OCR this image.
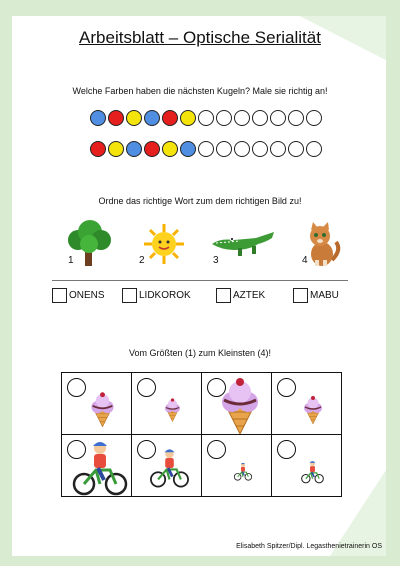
Arbeitsblatt – Optische Serialität
Welche Farben haben die nächsten Kugeln? Male sie richtig an!
Ordne das richtige Wort zum dem richtigen Bild zu!
1	2	3	4
ONENS	LIDKOROK	AZTEK	MABU
Vom Größten (1) zum Kleinsten (4)!

Elisabeth Spitzer/Dipl. Legasthenietrainerin OS
